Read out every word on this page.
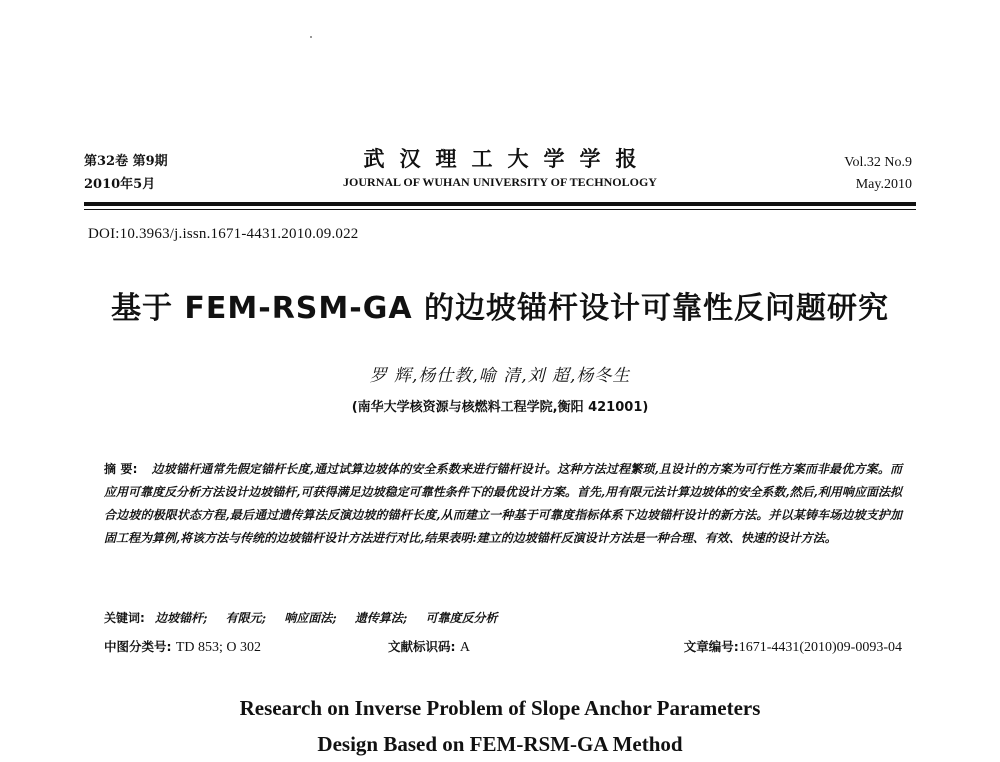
第32卷 第9期
2010年5月
武汉理工大学学报
JOURNAL OF WUHAN UNIVERSITY OF TECHNOLOGY
Vol.32 No.9
May.2010
DOI:10.3963/j.issn.1671-4431.2010.09.022
基于 FEM-RSM-GA 的边坡锚杆设计可靠性反问题研究
罗 辉,杨仕教,喻 清,刘 超,杨冬生
(南华大学核资源与核燃料工程学院,衡阳 421001)
摘 要: 边坡锚杆通常先假定锚杆长度,通过试算边坡体的安全系数来进行锚杆设计。这种方法过程繁琐,且设计的方案为可行性方案而非最优方案。而应用可靠度反分析方法设计边坡锚杆,可获得满足边坡稳定可靠性条件下的最优设计方案。首先,用有限元法计算边坡体的安全系数,然后,利用响应面法拟合边坡的极限状态方程,最后通过遗传算法反演边坡的锚杆长度,从而建立一种基于可靠度指标体系下边坡锚杆设计的新方法。并以某铸车场边坡支护加固工程为算例,将该方法与传统的边坡锚杆设计方法进行对比,结果表明:建立的边坡锚杆反演设计方法是一种合理、有效、快速的设计方法。
关键词: 边坡锚杆; 有限元; 响应面法; 遗传算法; 可靠度反分析
中图分类号: TD 853; O 302	文献标识码: A	文章编号:1671-4431(2010)09-0093-04
Research on Inverse Problem of Slope Anchor Parameters
Design Based on FEM-RSM-GA Method
